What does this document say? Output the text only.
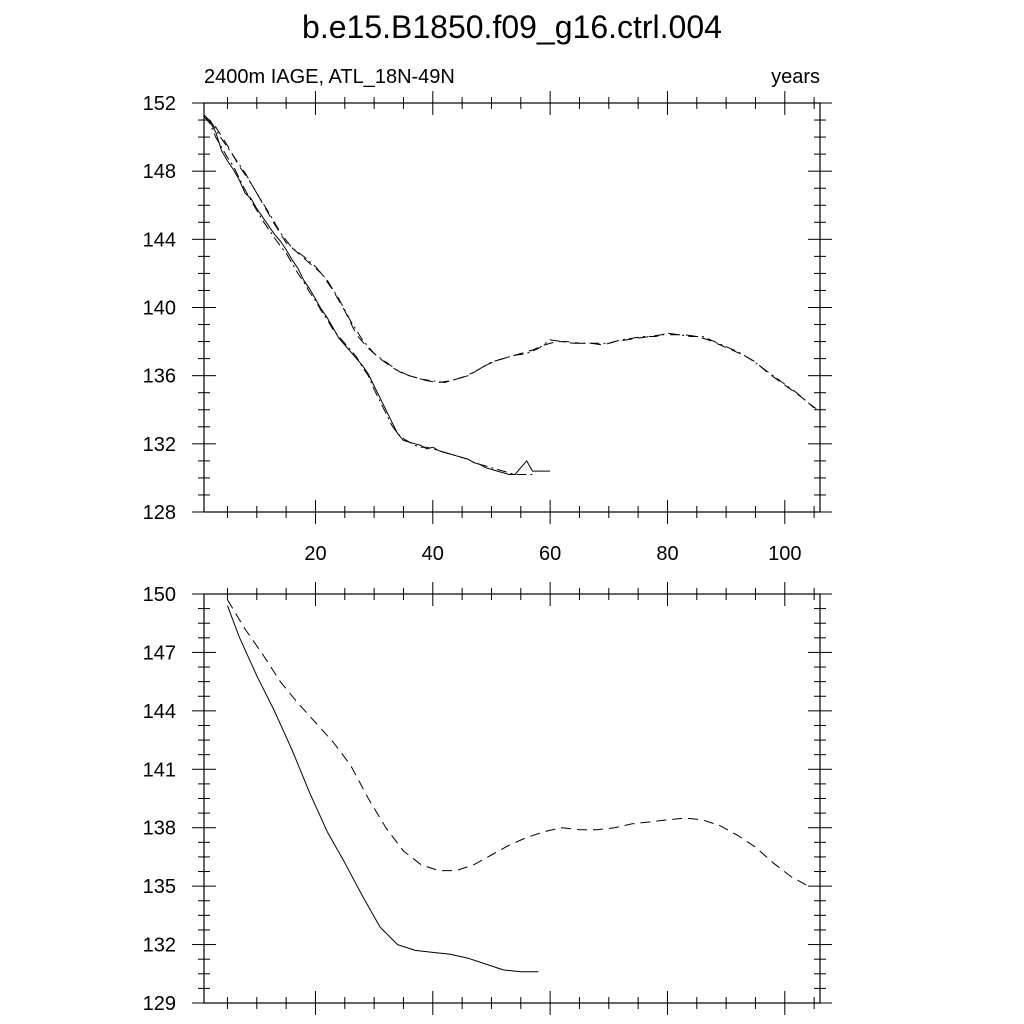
b.e15.B1850.f09_g16.ctrl.004
2400m IAGE, ATL_18N-49N	years
20	40	60	80	100
128
132
136
140
144
148
152
129
132
135
138
141
144
147
150
